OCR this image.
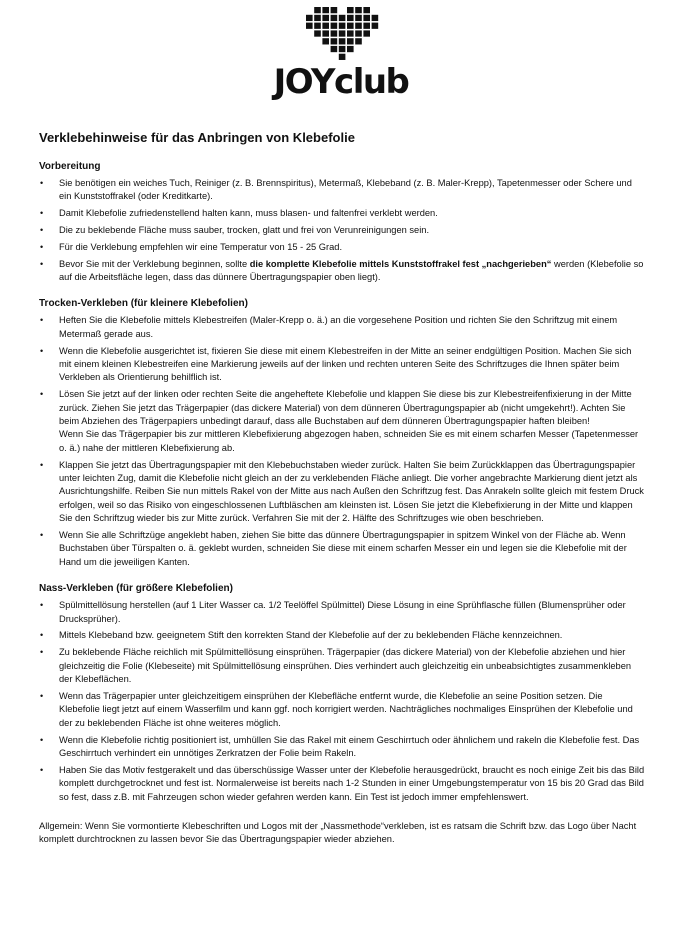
JOYclub
Verklebehinweise für das Anbringen von Klebefolie
Vorbereitung
• Sie benötigen ein weiches Tuch, Reiniger (z. B. Brennspiritus), Metermaß, Klebeband (z. B. Maler-Krepp), Tapetenmesser oder Schere und ein Kunststoffrakel (oder Kreditkarte).
• Damit Klebefolie zufriedenstellend halten kann, muss blasen- und faltenfrei verklebt werden.
• Die zu beklebende Fläche muss sauber, trocken, glatt und frei von Verunreinigungen sein.
• Für die Verklebung empfehlen wir eine Temperatur von 15 - 25 Grad.
• Bevor Sie mit der Verklebung beginnen, sollte die komplette Klebefolie mittels Kunststoffrakel fest „nachgerieben“ werden (Klebefolie so auf die Arbeitsfläche legen, dass das dünnere Übertragungspapier oben liegt).
Trocken-Verkleben (für kleinere Klebefolien)
• Heften Sie die Klebefolie mittels Klebestreifen (Maler-Krepp o. ä.) an die vorgesehene Position und richten Sie den Schriftzug mit einem Metermaß gerade aus.
• Wenn die Klebefolie ausgerichtet ist, fixieren Sie diese mit einem Klebestreifen in der Mitte an seiner endgültigen Position. Machen Sie sich mit einem kleinen Klebestreifen eine Markierung jeweils auf der linken und rechten unteren Seite des Schriftzuges die Ihnen später beim Verkleben als Orientierung behilflich ist.
• Lösen Sie jetzt auf der linken oder rechten Seite die angeheftete Klebefolie und klappen Sie diese bis zur Klebestreifenfixierung in der Mitte zurück. Ziehen Sie jetzt das Trägerpapier (das dickere Material) von dem dünneren Übertragungspapier ab (nicht umgekehrt!). Achten Sie beim Abziehen des Trägerpapiers unbedingt darauf, dass alle Buchstaben auf dem dünneren Übertragungspapier haften bleiben!
Wenn Sie das Trägerpapier bis zur mittleren Klebefixierung abgezogen haben, schneiden Sie es mit einem scharfen Messer (Tapetenmesser o. ä.) nahe der mittleren Klebefixierung ab.
• Klappen Sie jetzt das Übertragungspapier mit den Klebebuchstaben wieder zurück. Halten Sie beim Zurückklappen das Übertragungspapier unter leichten Zug, damit die Klebefolie nicht gleich an der zu verklebenden Fläche anliegt. Die vorher angebrachte Markierung dient jetzt als Ausrichtungshilfe. Reiben Sie nun mittels Rakel von der Mitte aus nach Außen den Schriftzug fest. Das Anrakeln sollte gleich mit festem Druck erfolgen, weil so das Risiko von eingeschlossenen Luftbläschen am kleinsten ist. Lösen Sie jetzt die Klebefixierung in der Mitte und klappen Sie den Schriftzug wieder bis zur Mitte zurück. Verfahren Sie mit der 2. Hälfte des Schriftzuges wie oben beschrieben.
• Wenn Sie alle Schriftzüge angeklebt haben, ziehen Sie bitte das dünnere Übertragungspapier in spitzem Winkel von der Fläche ab. Wenn Buchstaben über Türspalten o. ä. geklebt wurden, schneiden Sie diese mit einem scharfen Messer ein und legen sie die Klebefolie mit der Hand um die jeweiligen Kanten.
Nass-Verkleben (für größere Klebefolien)
• Spülmittellösung herstellen (auf 1 Liter Wasser ca. 1/2 Teelöffel Spülmittel) Diese Lösung in eine Sprühflasche füllen (Blumensprüher oder Drucksprüher).
• Mittels Klebeband bzw. geeignetem Stift den korrekten Stand der Klebefolie auf der zu beklebenden Fläche kennzeichnen.
• Zu beklebende Fläche reichlich mit Spülmittellösung einsprühen. Trägerpapier (das dickere Material) von der Klebefolie abziehen und hier gleichzeitig die Folie (Klebeseite) mit Spülmittellösung einsprühen. Dies verhindert auch gleichzeitig ein unbeabsichtigtes zusammenkleben der Klebeflächen.
• Wenn das Trägerpapier unter gleichzeitigem einsprühen der Klebefläche entfernt wurde, die Klebefolie an seine Position setzen. Die Klebefolie liegt jetzt auf einem Wasserfilm und kann ggf. noch korrigiert werden. Nachträgliches nochmaliges Einsprühen der Klebefolie und der zu beklebenden Fläche ist ohne weiteres möglich.
• Wenn die Klebefolie richtig positioniert ist, umhüllen Sie das Rakel mit einem Geschirrtuch oder ähnlichem und rakeln die Klebefolie fest. Das Geschirrtuch verhindert ein unnötiges Zerkratzen der Folie beim Rakeln.
• Haben Sie das Motiv festgerakelt und das überschüssige Wasser unter der Klebefolie herausgedrückt, braucht es noch einige Zeit bis das Bild komplett durchgetrocknet und fest ist. Normalerweise ist bereits nach 1-2 Stunden in einer Umgebungstemperatur von 15 bis 20 Grad das Bild so fest, dass z.B. mit Fahrzeugen schon wieder gefahren werden kann. Ein Test ist jedoch immer empfehlenswert.
Allgemein: Wenn Sie vormontierte Klebeschriften und Logos mit der „Nassmethode“verkleben, ist es ratsam die Schrift bzw. das Logo über Nacht komplett durchtrocknen zu lassen bevor Sie das Übertragungspapier wieder abziehen.
